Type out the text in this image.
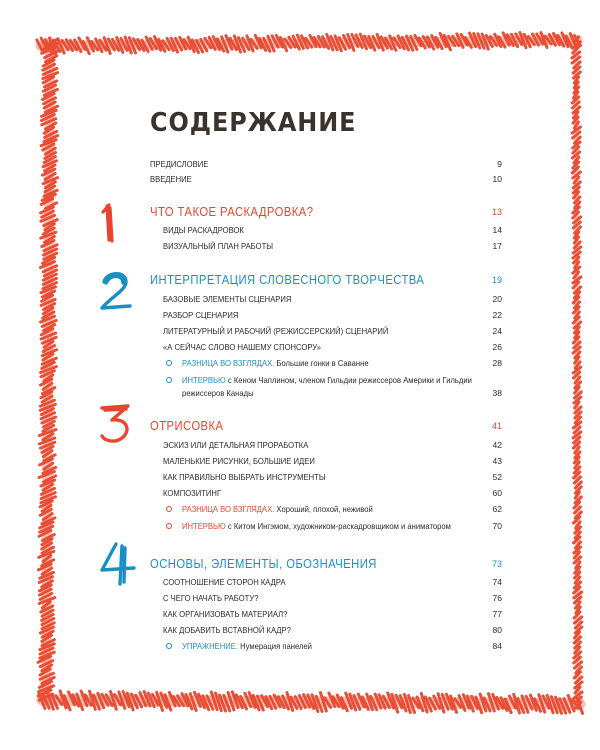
СОДЕРЖАНИЕ
ПРЕДИСЛОВИЕ	9
ВВЕДЕНИЕ	10
ЧТО ТАКОЕ РАСКАДРОВКА?	13
ВИДЫ РАСКАДРОВОК	14
ВИЗУАЛЬНЫЙ ПЛАН РАБОТЫ	17
ИНТЕРПРЕТАЦИЯ СЛОВЕСНОГО ТВОРЧЕСТВА	19
БАЗОВЫЕ ЭЛЕМЕНТЫ СЦЕНАРИЯ	20
РАЗБОР СЦЕНАРИЯ	22
ЛИТЕРАТУРНЫЙ И РАБОЧИЙ (РЕЖИССЕРСКИЙ) СЦЕНАРИЙ	24
«А СЕЙЧАС СЛОВО НАШЕМУ СПОНСОРУ»	26
РАЗНИЦА ВО ВЗГЛЯДАХ. Большие гонки в Саванне	28
ИНТЕРВЬЮ с Кеном Чаплином, членом Гильдии режиссеров Америки и Гильдии
режиссеров Канады	38
ОТРИСОВКА	41
ЭСКИЗ ИЛИ ДЕТАЛЬНАЯ ПРОРАБОТКА	42
МАЛЕНЬКИЕ РИСУНКИ, БОЛЬШИЕ ИДЕИ	43
КАК ПРАВИЛЬНО ВЫБРАТЬ ИНСТРУМЕНТЫ	52
КОМПОЗИТИНГ	60
РАЗНИЦА ВО ВЗГЛЯДАХ. Хороший, плохой, неживой	62
ИНТЕРВЬЮ с Китом Ингэмом, художником-раскадровщиком и аниматором	70
ОСНОВЫ, ЭЛЕМЕНТЫ, ОБОЗНАЧЕНИЯ	73
СООТНОШЕНИЕ СТОРОН КАДРА	74
С ЧЕГО НАЧАТЬ РАБОТУ?	76
КАК ОРГАНИЗОВАТЬ МАТЕРИАЛ?	77
КАК ДОБАВИТЬ ВСТАВНОЙ КАДР?	80
УПРАЖНЕНИЕ. Нумерация панелей	84
